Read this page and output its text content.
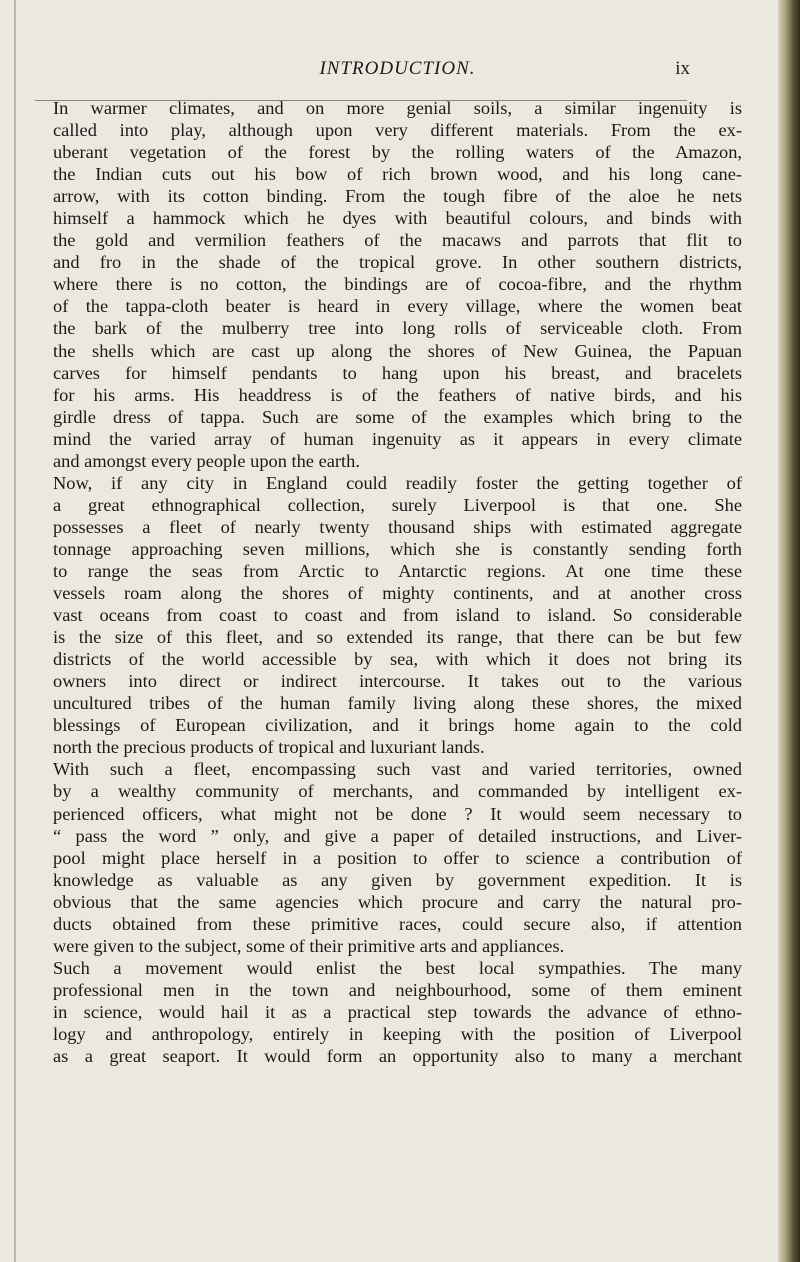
INTRODUCTION.	ix
In warmer climates, and on more genial soils, a similar ingenuity is
called into play, although upon very different materials. From the ex-
uberant vegetation of the forest by the rolling waters of the Amazon,
the Indian cuts out his bow of rich brown wood, and his long cane-
arrow, with its cotton binding. From the tough fibre of the aloe he nets
himself a hammock which he dyes with beautiful colours, and binds with
the gold and vermilion feathers of the macaws and parrots that flit to
and fro in the shade of the tropical grove. In other southern districts,
where there is no cotton, the bindings are of cocoa-fibre, and the rhythm
of the tappa-cloth beater is heard in every village, where the women beat
the bark of the mulberry tree into long rolls of serviceable cloth. From
the shells which are cast up along the shores of New Guinea, the Papuan
carves for himself pendants to hang upon his breast, and bracelets
for his arms. His headdress is of the feathers of native birds, and his
girdle dress of tappa. Such are some of the examples which bring to the
mind the varied array of human ingenuity as it appears in every climate
and amongst every people upon the earth.
Now, if any city in England could readily foster the getting together of
a great ethnographical collection, surely Liverpool is that one. She
possesses a fleet of nearly twenty thousand ships with estimated aggregate
tonnage approaching seven millions, which she is constantly sending forth
to range the seas from Arctic to Antarctic regions. At one time these
vessels roam along the shores of mighty continents, and at another cross
vast oceans from coast to coast and from island to island. So considerable
is the size of this fleet, and so extended its range, that there can be but few
districts of the world accessible by sea, with which it does not bring its
owners into direct or indirect intercourse. It takes out to the various
uncultured tribes of the human family living along these shores, the mixed
blessings of European civilization, and it brings home again to the cold
north the precious products of tropical and luxuriant lands.
With such a fleet, encompassing such vast and varied territories, owned
by a wealthy community of merchants, and commanded by intelligent ex-
perienced officers, what might not be done ? It would seem necessary to
“ pass the word ” only, and give a paper of detailed instructions, and Liver-
pool might place herself in a position to offer to science a contribution of
knowledge as valuable as any given by government expedition. It is
obvious that the same agencies which procure and carry the natural pro-
ducts obtained from these primitive races, could secure also, if attention
were given to the subject, some of their primitive arts and appliances.
Such a movement would enlist the best local sympathies. The many
professional men in the town and neighbourhood, some of them eminent
in science, would hail it as a practical step towards the advance of ethno-
logy and anthropology, entirely in keeping with the position of Liverpool
as a great seaport. It would form an opportunity also to many a merchant
